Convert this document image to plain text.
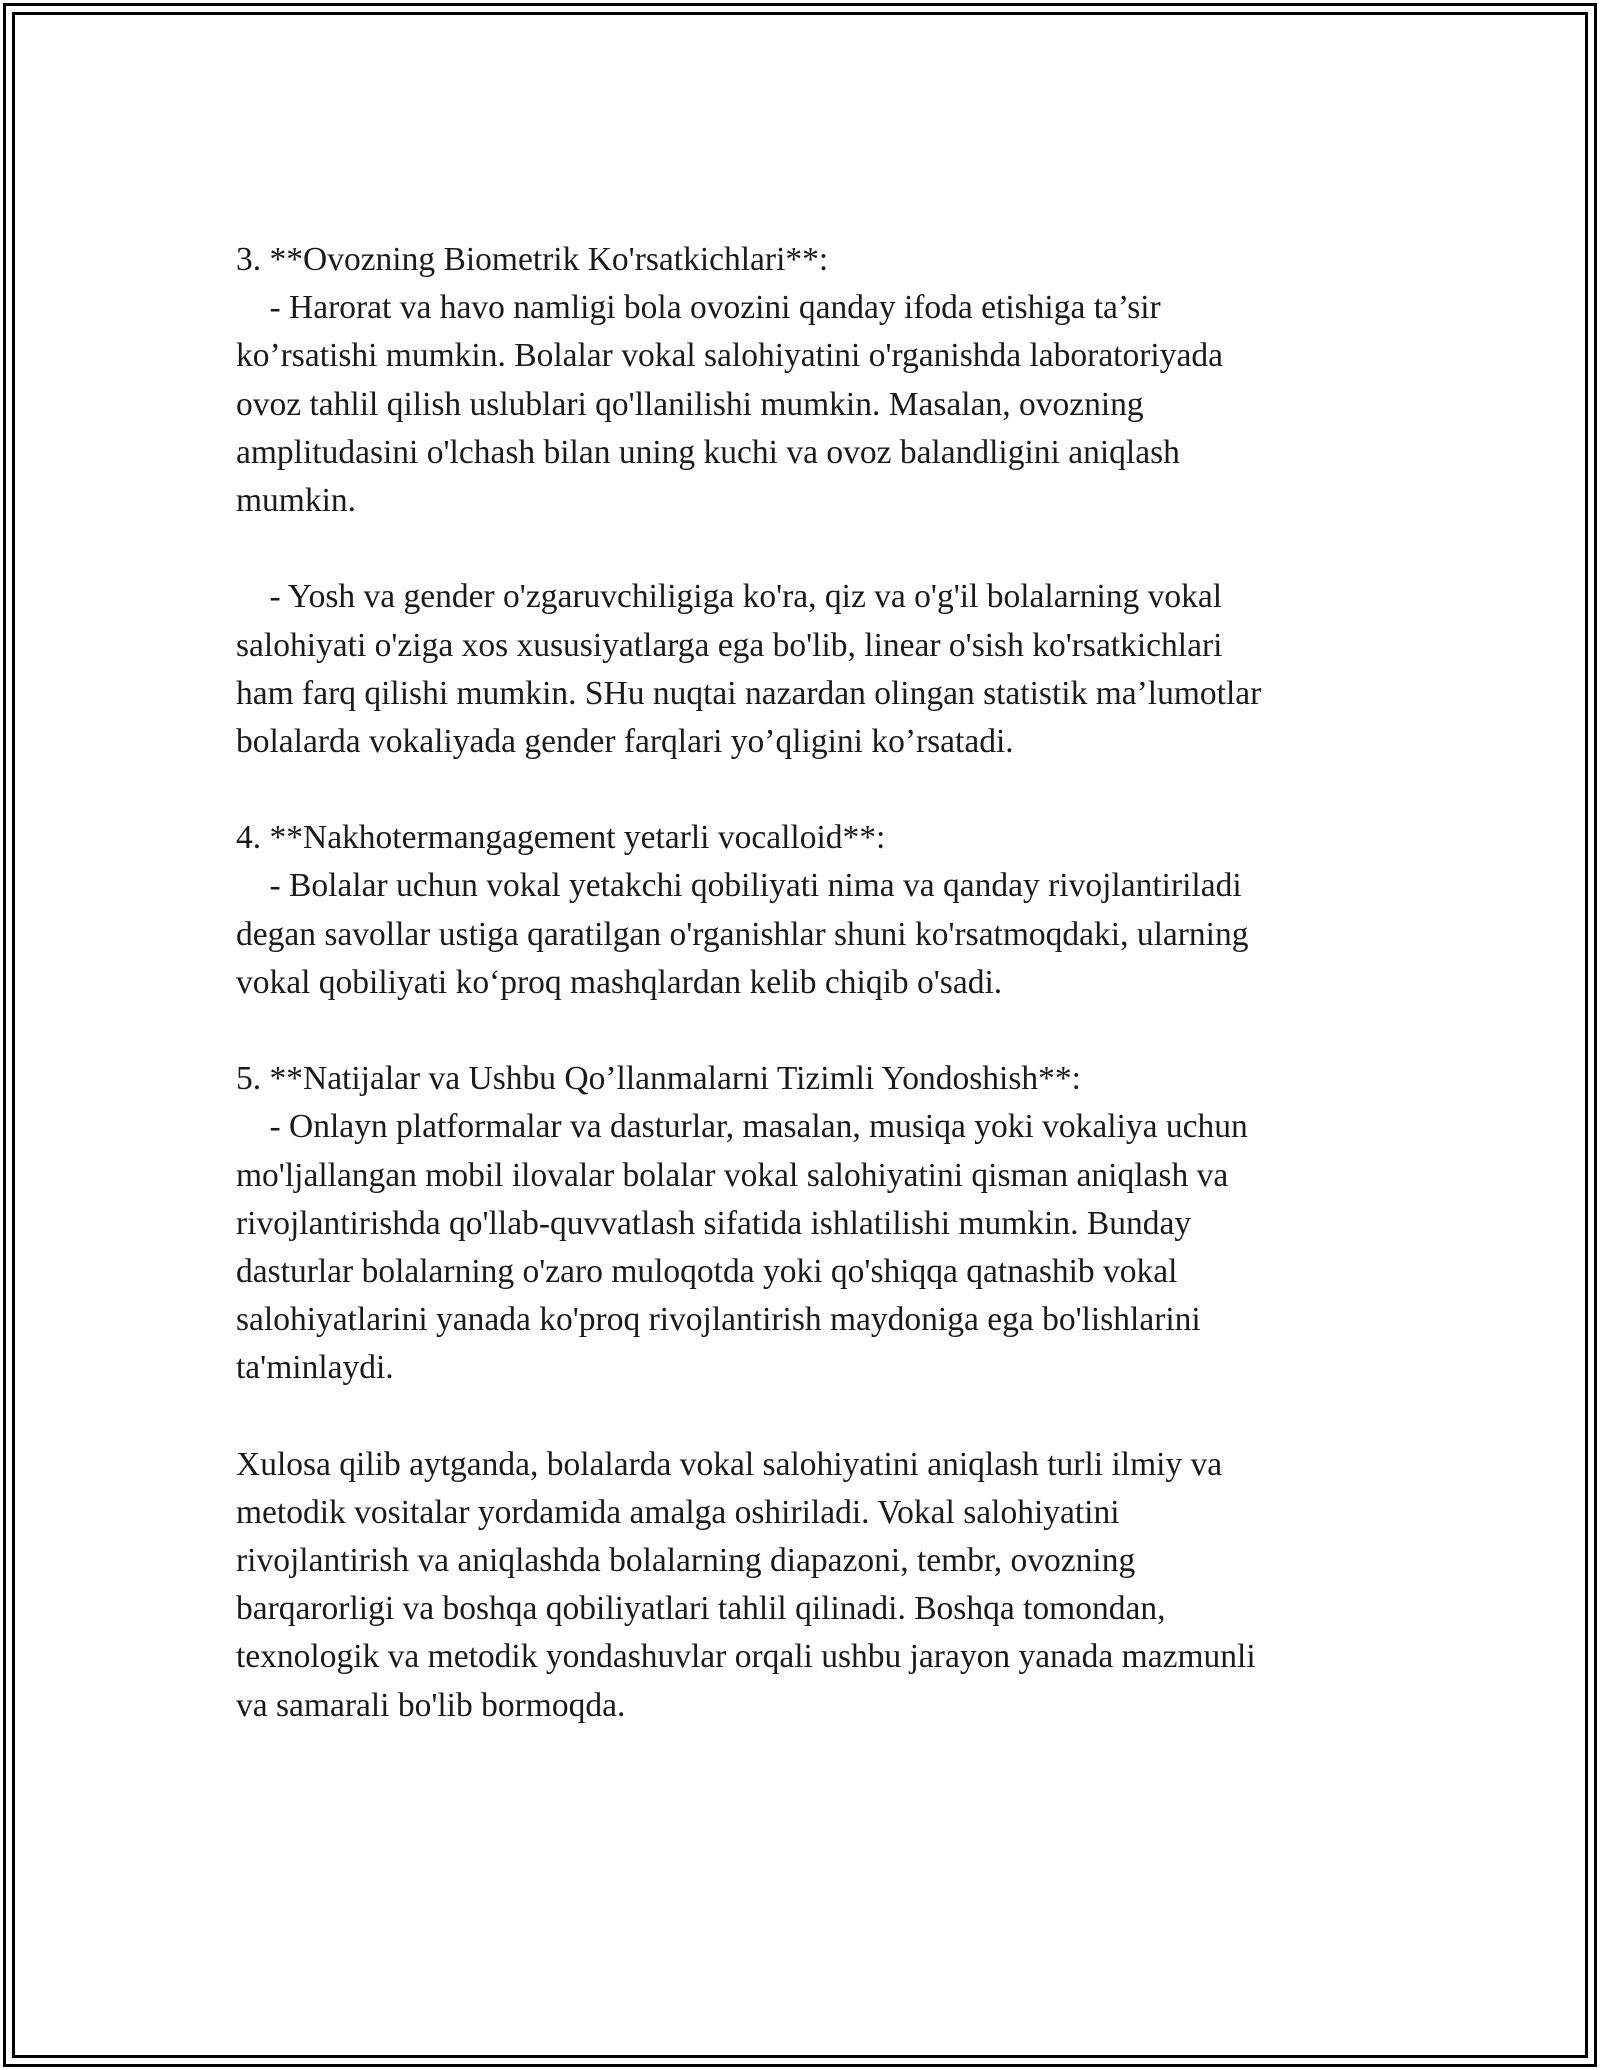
3. **Ovozning Biometrik Ko'rsatkichlari**:
- Harorat va havo namligi bola ovozini qanday ifoda etishiga ta’sir
ko’rsatishi mumkin. Bolalar vokal salohiyatini o'rganishda laboratoriyada
ovoz tahlil qilish uslublari qo'llanilishi mumkin. Masalan, ovozning
amplitudasini o'lchash bilan uning kuchi va ovoz balandligini aniqlash
mumkin.
- Yosh va gender o'zgaruvchiligiga ko'ra, qiz va o'g'il bolalarning vokal
salohiyati o'ziga xos xususiyatlarga ega bo'lib, linear o'sish ko'rsatkichlari
ham farq qilishi mumkin. SHu nuqtai nazardan olingan statistik ma’lumotlar
bolalarda vokaliyada gender farqlari yo’qligini ko’rsatadi.
4. **Nakhotermangagement yetarli vocalloid**:
- Bolalar uchun vokal yetakchi qobiliyati nima va qanday rivojlantiriladi
degan savollar ustiga qaratilgan o'rganishlar shuni ko'rsatmoqdaki, ularning
vokal qobiliyati ko‘proq mashqlardan kelib chiqib o'sadi.
5. **Natijalar va Ushbu Qo’llanmalarni Tizimli Yondoshish**:
- Onlayn platformalar va dasturlar, masalan, musiqa yoki vokaliya uchun
mo'ljallangan mobil ilovalar bolalar vokal salohiyatini qisman aniqlash va
rivojlantirishda qo'llab-quvvatlash sifatida ishlatilishi mumkin. Bunday
dasturlar bolalarning o'zaro muloqotda yoki qo'shiqqa qatnashib vokal
salohiyatlarini yanada ko'proq rivojlantirish maydoniga ega bo'lishlarini
ta'minlaydi.
Xulosa qilib aytganda, bolalarda vokal salohiyatini aniqlash turli ilmiy va
metodik vositalar yordamida amalga oshiriladi. Vokal salohiyatini
rivojlantirish va aniqlashda bolalarning diapazoni, tembr, ovozning
barqarorligi va boshqa qobiliyatlari tahlil qilinadi. Boshqa tomondan,
texnologik va metodik yondashuvlar orqali ushbu jarayon yanada mazmunli
va samarali bo'lib bormoqda.
